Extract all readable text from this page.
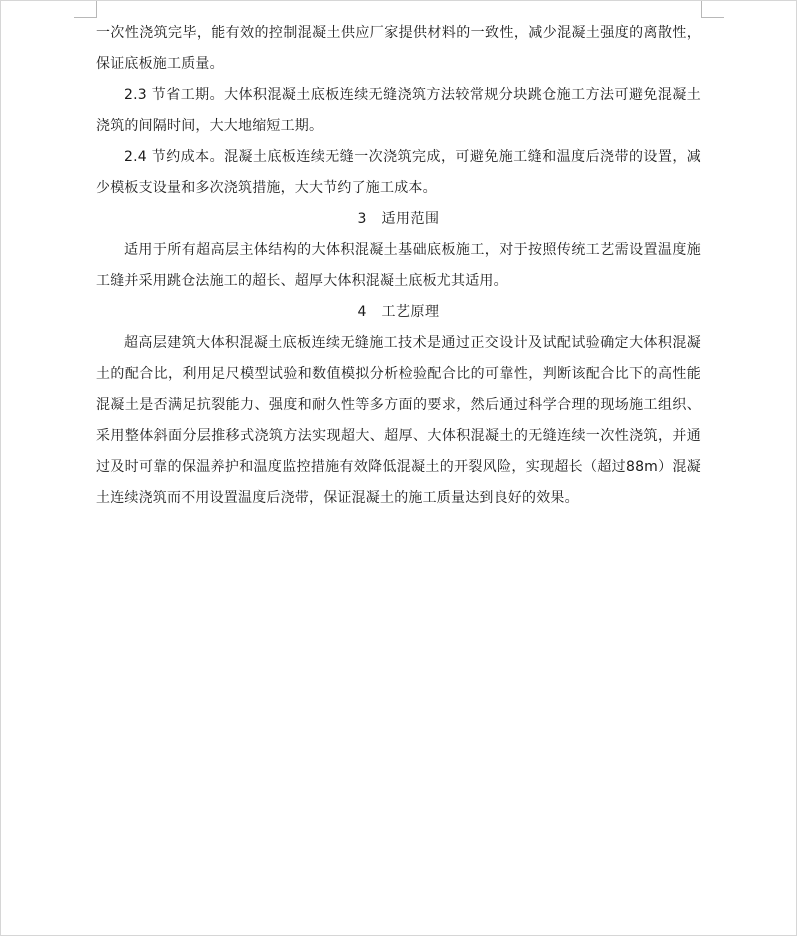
一次性浇筑完毕，能有效的控制混凝土供应厂家提供材料的一致性，减少混凝土强度的离散性，保证底板施工质量。

2.3 节省工期。大体积混凝土底板连续无缝浇筑方法较常规分块跳仓施工方法可避免混凝土浇筑的间隔时间，大大地缩短工期。

2.4 节约成本。混凝土底板连续无缝一次浇筑完成，可避免施工缝和温度后浇带的设置，减少模板支设量和多次浇筑措施，大大节约了施工成本。

3　适用范围

适用于所有超高层主体结构的大体积混凝土基础底板施工，对于按照传统工艺需设置温度施工缝并采用跳仓法施工的超长、超厚大体积混凝土底板尤其适用。

4　工艺原理

超高层建筑大体积混凝土底板连续无缝施工技术是通过正交设计及试配试验确定大体积混凝土的配合比，利用足尺模型试验和数值模拟分析检验配合比的可靠性，判断该配合比下的高性能混凝土是否满足抗裂能力、强度和耐久性等多方面的要求，然后通过科学合理的现场施工组织、采用整体斜面分层推移式浇筑方法实现超大、超厚、大体积混凝土的无缝连续一次性浇筑，并通过及时可靠的保温养护和温度监控措施有效降低混凝土的开裂风险，实现超长（超过88m）混凝土连续浇筑而不用设置温度后浇带，保证混凝土的施工质量达到良好的效果。
